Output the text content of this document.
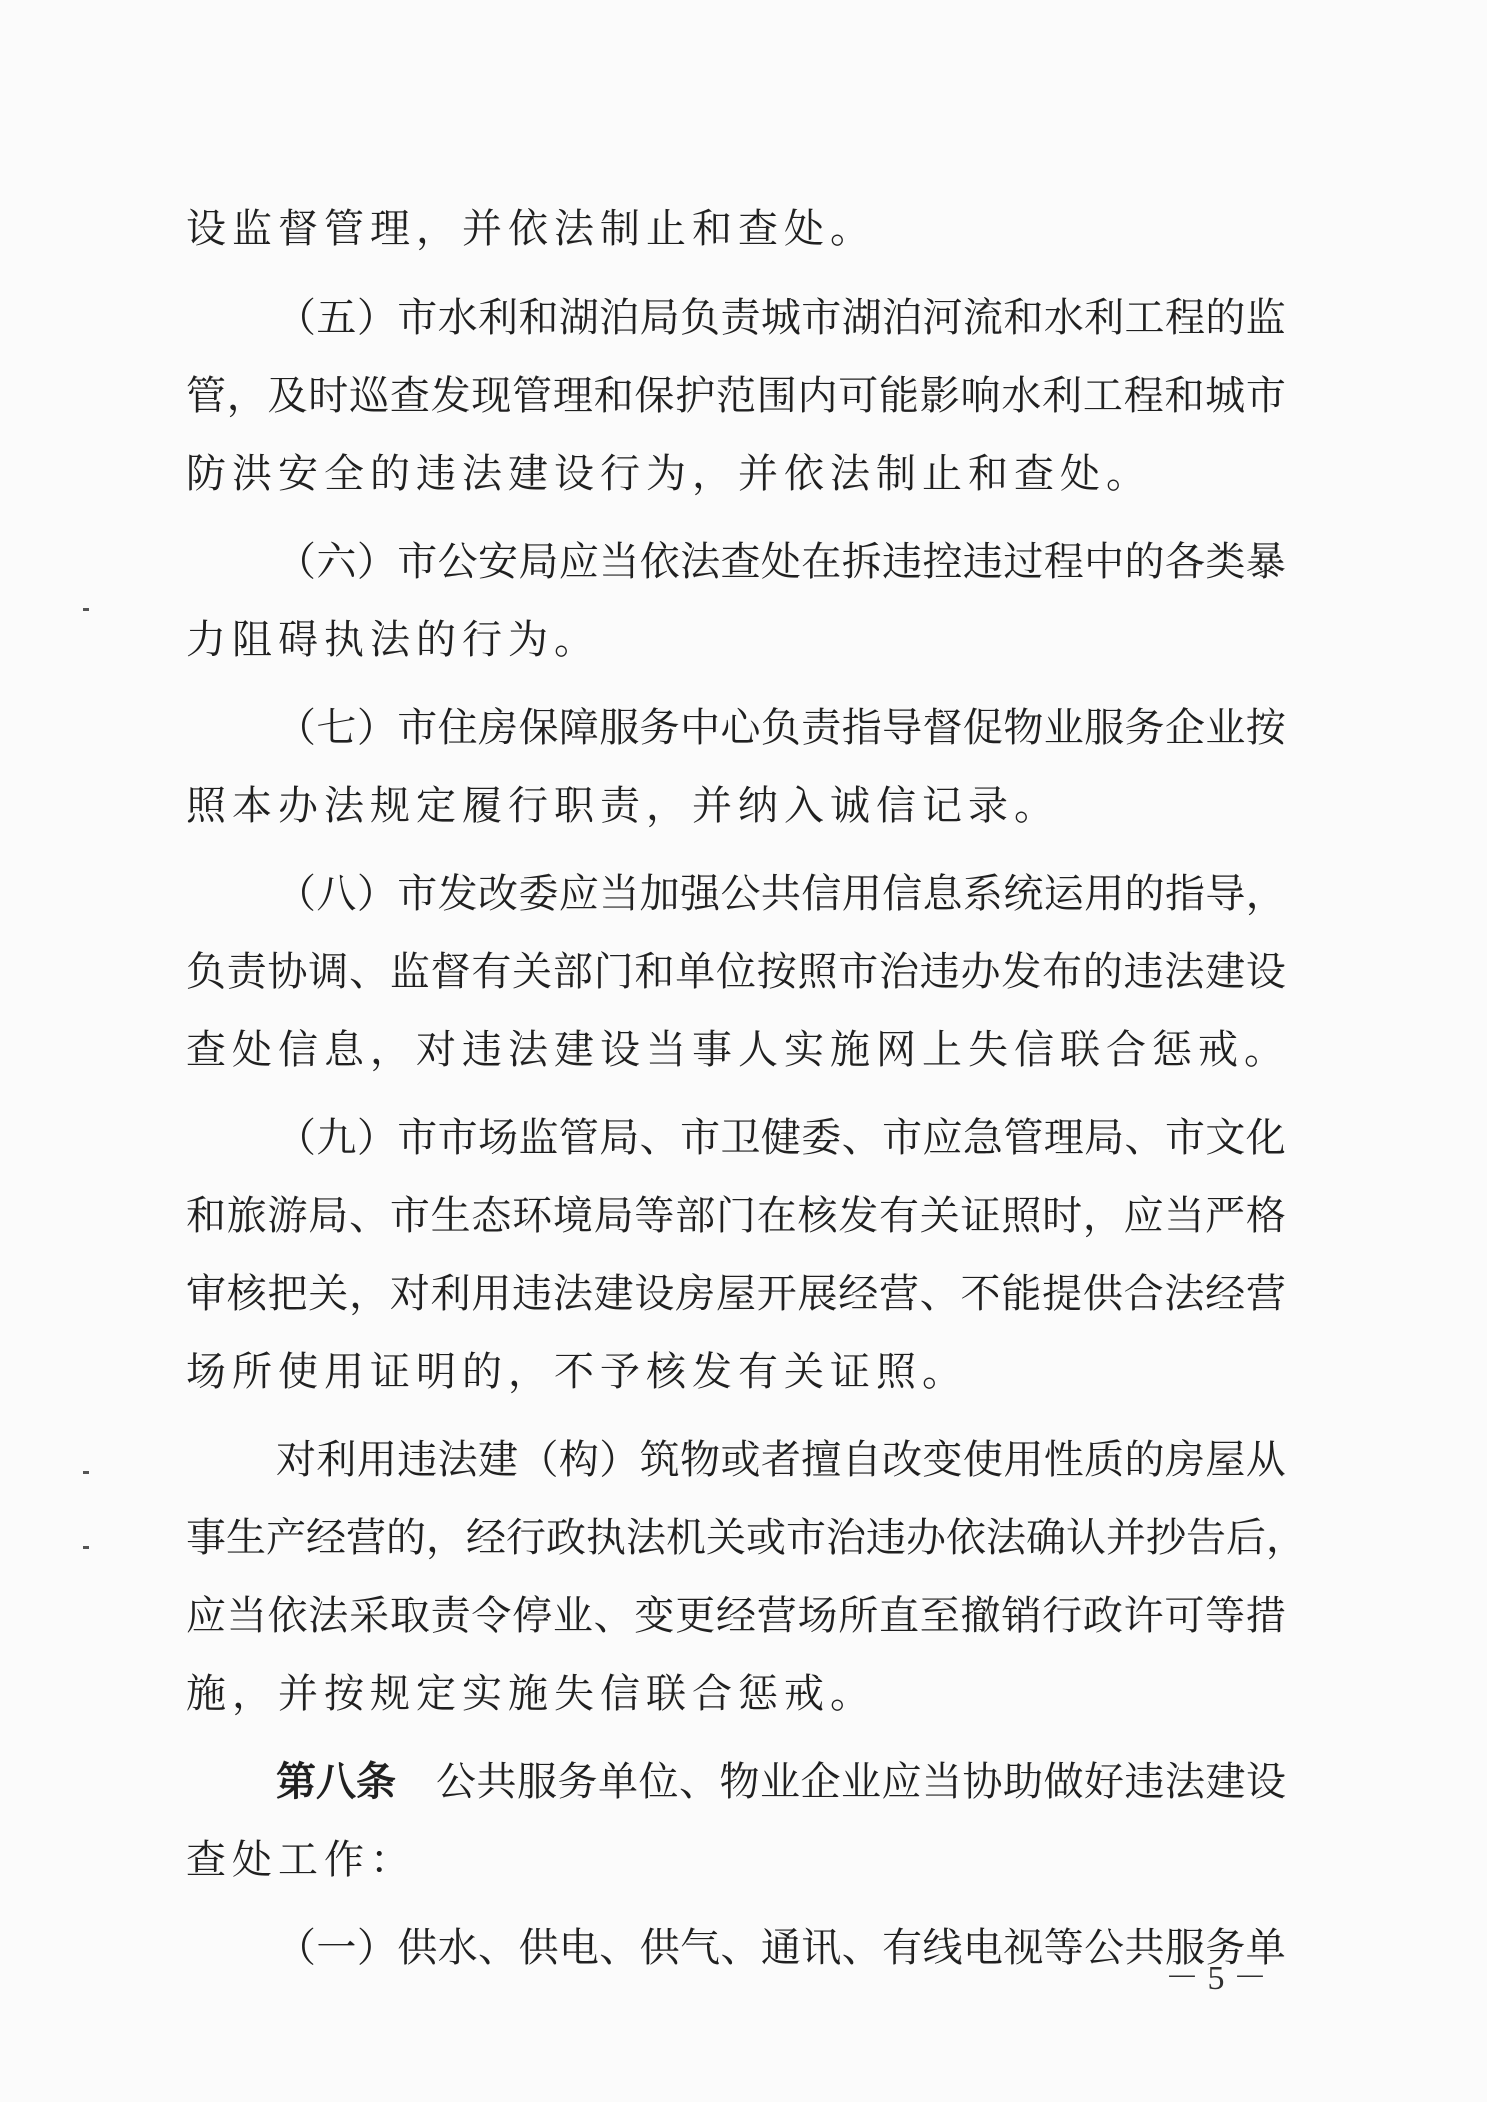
设监督管理，并依法制止和查处。
（ 五 ） 市 水 利 和 湖 泊 局 负 责 城 市 湖 泊 河 流 和 水 利 工 程 的 监
管 ， 及 时 巡 查 发 现 管 理 和 保 护 范 围 内 可 能 影 响 水 利 工 程 和 城 市
防洪安全的违法建设行为，并依法制止和查处。
（ 六 ） 市 公 安 局 应 当 依 法 查 处 在 拆 违 控 违 过 程 中 的 各 类 暴
力阻碍执法的行为。
（ 七 ） 市 住 房 保 障 服 务 中 心 负 责 指 导 督 促 物 业 服 务 企 业 按
照本办法规定履行职责，并纳入诚信记录。
（ 八 ） 市 发 改 委 应 当 加 强 公 共 信 用 信 息 系 统 运 用 的 指 导 ，
负 责 协 调 、 监 督 有 关 部 门 和 单 位 按 照 市 治 违 办 发 布 的 违 法 建 设
查处信息，对违法建设当事人实施网上失信联合惩戒。
（ 九 ） 市 市 场 监 管 局 、 市 卫 健 委 、 市 应 急 管 理 局 、 市 文 化
和 旅 游 局 、 市 生 态 环 境 局 等 部 门 在 核 发 有 关 证 照 时 ， 应 当 严 格
审 核 把 关 ， 对 利 用 违 法 建 设 房 屋 开 展 经 营 、 不 能 提 供 合 法 经 营
场所使用证明的，不予核发有关证照。
对 利 用 违 法 建 （ 构 ） 筑 物 或 者 擅 自 改 变 使 用 性 质 的 房 屋 从
事 生 产 经 营 的 ， 经 行 政 执 法 机 关 或 市 治 违 办 依 法 确 认 并 抄 告 后 ，
应 当 依 法 采 取 责 令 停 业 、 变 更 经 营 场 所 直 至 撤 销 行 政 许 可 等 措
施，并按规定实施失信联合惩戒。
第八条 公 共 服 务 单 位 、 物 业 企 业 应 当 协 助 做 好 违 法 建 设
查处工作：
（ 一 ） 供 水 、 供 电 、 供 气 、 通 讯 、 有 线 电 视 等 公 共 服 务 单
－ 5 －
